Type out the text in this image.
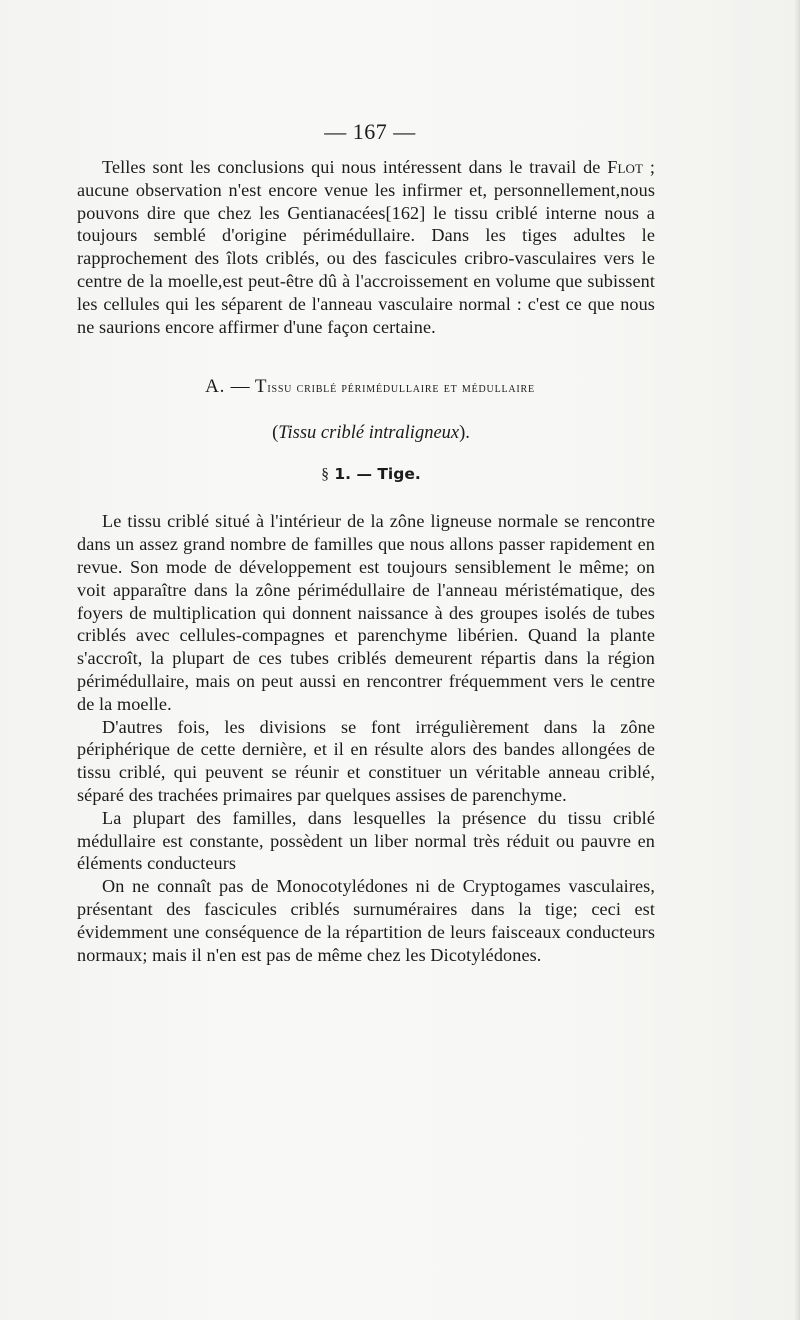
— 167 —

Telles sont les conclusions qui nous intéressent dans le travail de Flot ; aucune observation n'est encore venue les infirmer et, personnellement,nous pouvons dire que chez les Gentianacées[162] le tissu criblé interne nous a toujours semblé d'origine périmédullaire. Dans les tiges adultes le rapprochement des îlots criblés, ou des fascicules cribro-vasculaires vers le centre de la moelle,est peut-être dû à l'accroissement en volume que subissent les cellules qui les séparent de l'anneau vasculaire normal : c'est ce que nous ne saurions encore affirmer d'une façon certaine.

A. — Tissu criblé périmédullaire et médullaire
(Tissu criblé intraligneux).
§ 1. — Tige.

Le tissu criblé situé à l'intérieur de la zône ligneuse normale se rencontre dans un assez grand nombre de familles que nous allons passer rapidement en revue. Son mode de développement est toujours sensiblement le même; on voit apparaître dans la zône périmédullaire de l'anneau méristématique, des foyers de multiplication qui donnent naissance à des groupes isolés de tubes criblés avec cellules-compagnes et parenchyme libérien. Quand la plante s'accroît, la plupart de ces tubes criblés demeurent répartis dans la région périmédullaire, mais on peut aussi en rencontrer fréquemment vers le centre de la moelle.

D'autres fois, les divisions se font irrégulièrement dans la zône périphérique de cette dernière, et il en résulte alors des bandes allongées de tissu criblé, qui peuvent se réunir et constituer un véritable anneau criblé, séparé des trachées primaires par quelques assises de parenchyme.

La plupart des familles, dans lesquelles la présence du tissu criblé médullaire est constante, possèdent un liber normal très réduit ou pauvre en éléments conducteurs

On ne connaît pas de Monocotylédones ni de Cryptogames vasculaires, présentant des fascicules criblés surnuméraires dans la tige; ceci est évidemment une conséquence de la répartition de leurs faisceaux conducteurs normaux; mais il n'en est pas de même chez les Dicotylédones.
